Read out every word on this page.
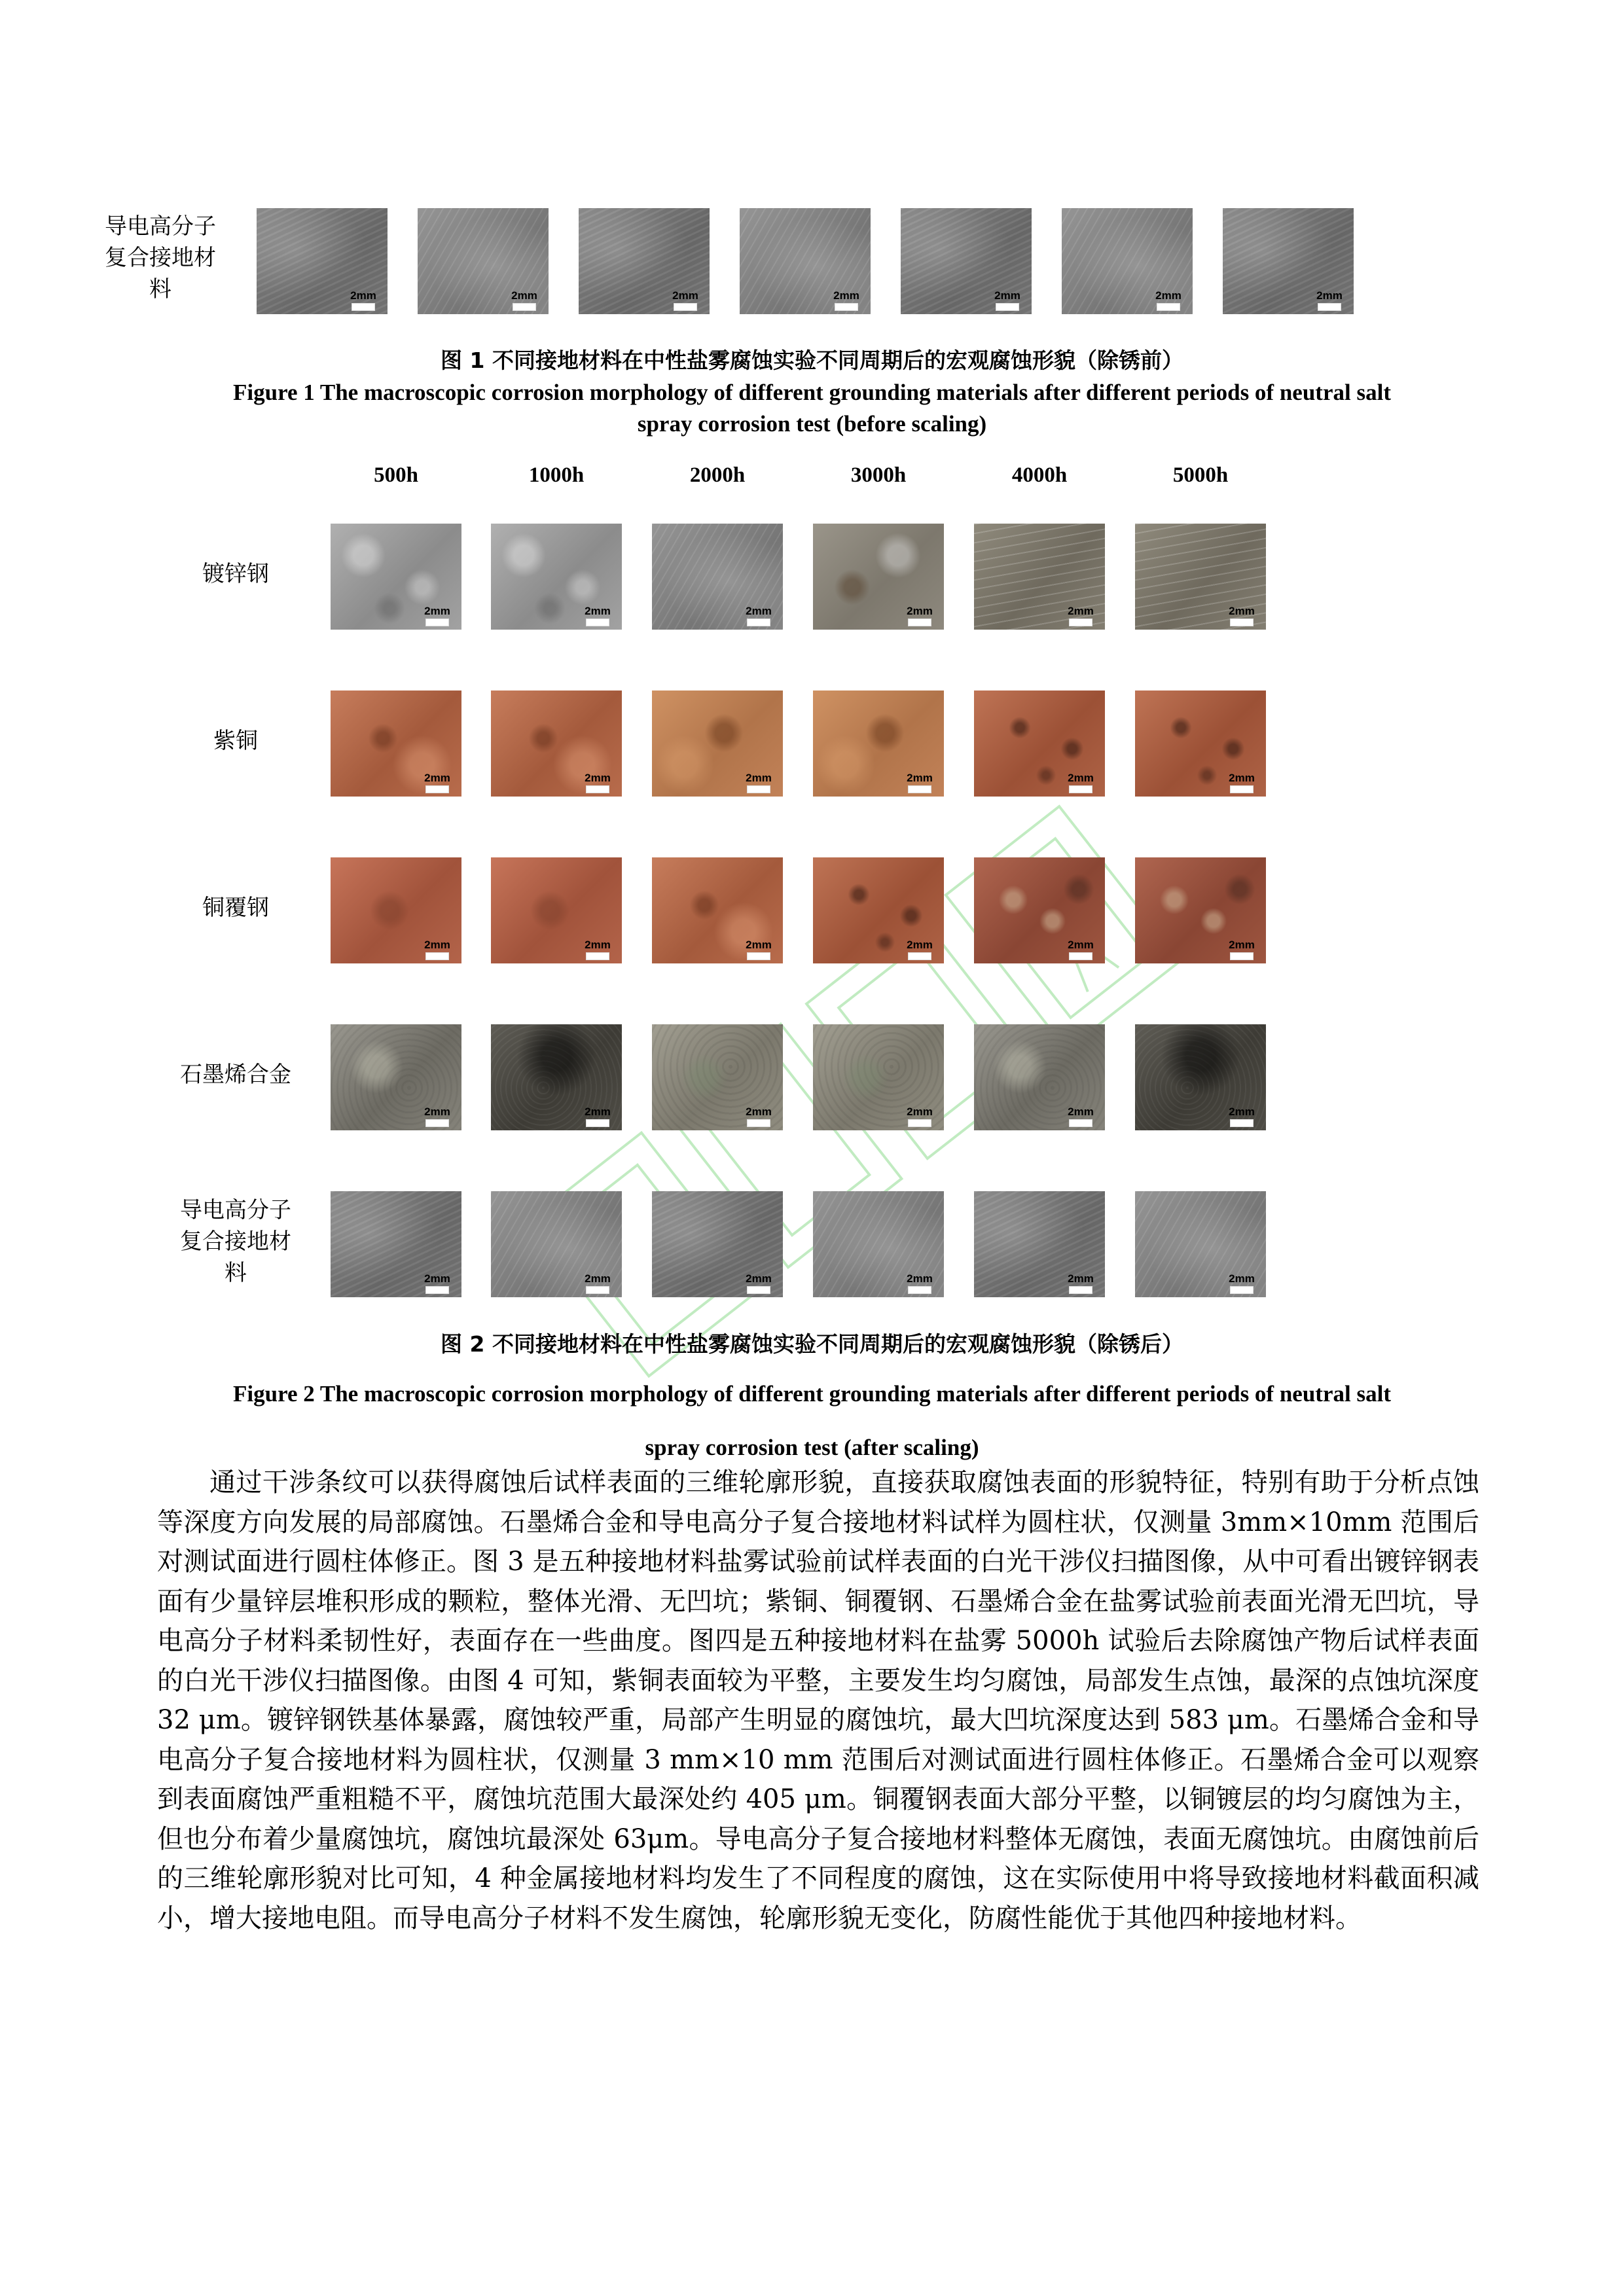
导电高分子
复合接地材
料	2mm	2mm	2mm	2mm	2mm	2mm	2mm
图 1 不同接地材料在中性盐雾腐蚀实验不同周期后的宏观腐蚀形貌（除锈前）
Figure 1 The macroscopic corrosion morphology of different grounding materials after different periods of neutral salt
spray corrosion test (before scaling)
500h	1000h	2000h	3000h	4000h	5000h
镀锌钢
2mm	2mm	2mm	2mm	2mm	2mm
紫铜
2mm	2mm	2mm	2mm	2mm	2mm
铜覆钢
2mm	2mm	2mm	2mm	2mm	2mm
石墨烯合金
2mm	2mm	2mm	2mm	2mm	2mm
导电高分子
复合接地材
料	2mm	2mm	2mm	2mm	2mm	2mm
图 2 不同接地材料在中性盐雾腐蚀实验不同周期后的宏观腐蚀形貌（除锈后）
Figure 2 The macroscopic corrosion morphology of different grounding materials after different periods of neutral salt
spray corrosion test (after scaling)
通过干涉条纹可以获得腐蚀后试样表面的三维轮廓形貌，直接获取腐蚀表面的形貌特征，特别有助于分析点蚀等深度方向发展的局部腐蚀。石墨烯合金和导电高分子复合接地材料试样为圆柱状，仅测量 3mm×10mm 范围后对测试面进行圆柱体修正。图 3 是五种接地材料盐雾试验前试样表面的白光干涉仪扫描图像，从中可看出镀锌钢表面有少量锌层堆积形成的颗粒，整体光滑、无凹坑；紫铜、铜覆钢、石墨烯合金在盐雾试验前表面光滑无凹坑，导电高分子材料柔韧性好，表面存在一些曲度。图四是五种接地材料在盐雾 5000h 试验后去除腐蚀产物后试样表面的白光干涉仪扫描图像。由图 4 可知，紫铜表面较为平整，主要发生均匀腐蚀，局部发生点蚀，最深的点蚀坑深度 32 μm。镀锌钢铁基体暴露，腐蚀较严重，局部产生明显的腐蚀坑，最大凹坑深度达到 583 μm。石墨烯合金和导电高分子复合接地材料为圆柱状，仅测量 3 mm×10 mm 范围后对测试面进行圆柱体修正。石墨烯合金可以观察到表面腐蚀严重粗糙不平，腐蚀坑范围大最深处约 405 μm。铜覆钢表面大部分平整，以铜镀层的均匀腐蚀为主，但也分布着少量腐蚀坑，腐蚀坑最深处 63μm。导电高分子复合接地材料整体无腐蚀，表面无腐蚀坑。由腐蚀前后的三维轮廓形貌对比可知，4 种金属接地材料均发生了不同程度的腐蚀，这在实际使用中将导致接地材料截面积减小，增大接地电阻。而导电高分子材料不发生腐蚀，轮廓形貌无变化，防腐性能优于其他四种接地材料。
